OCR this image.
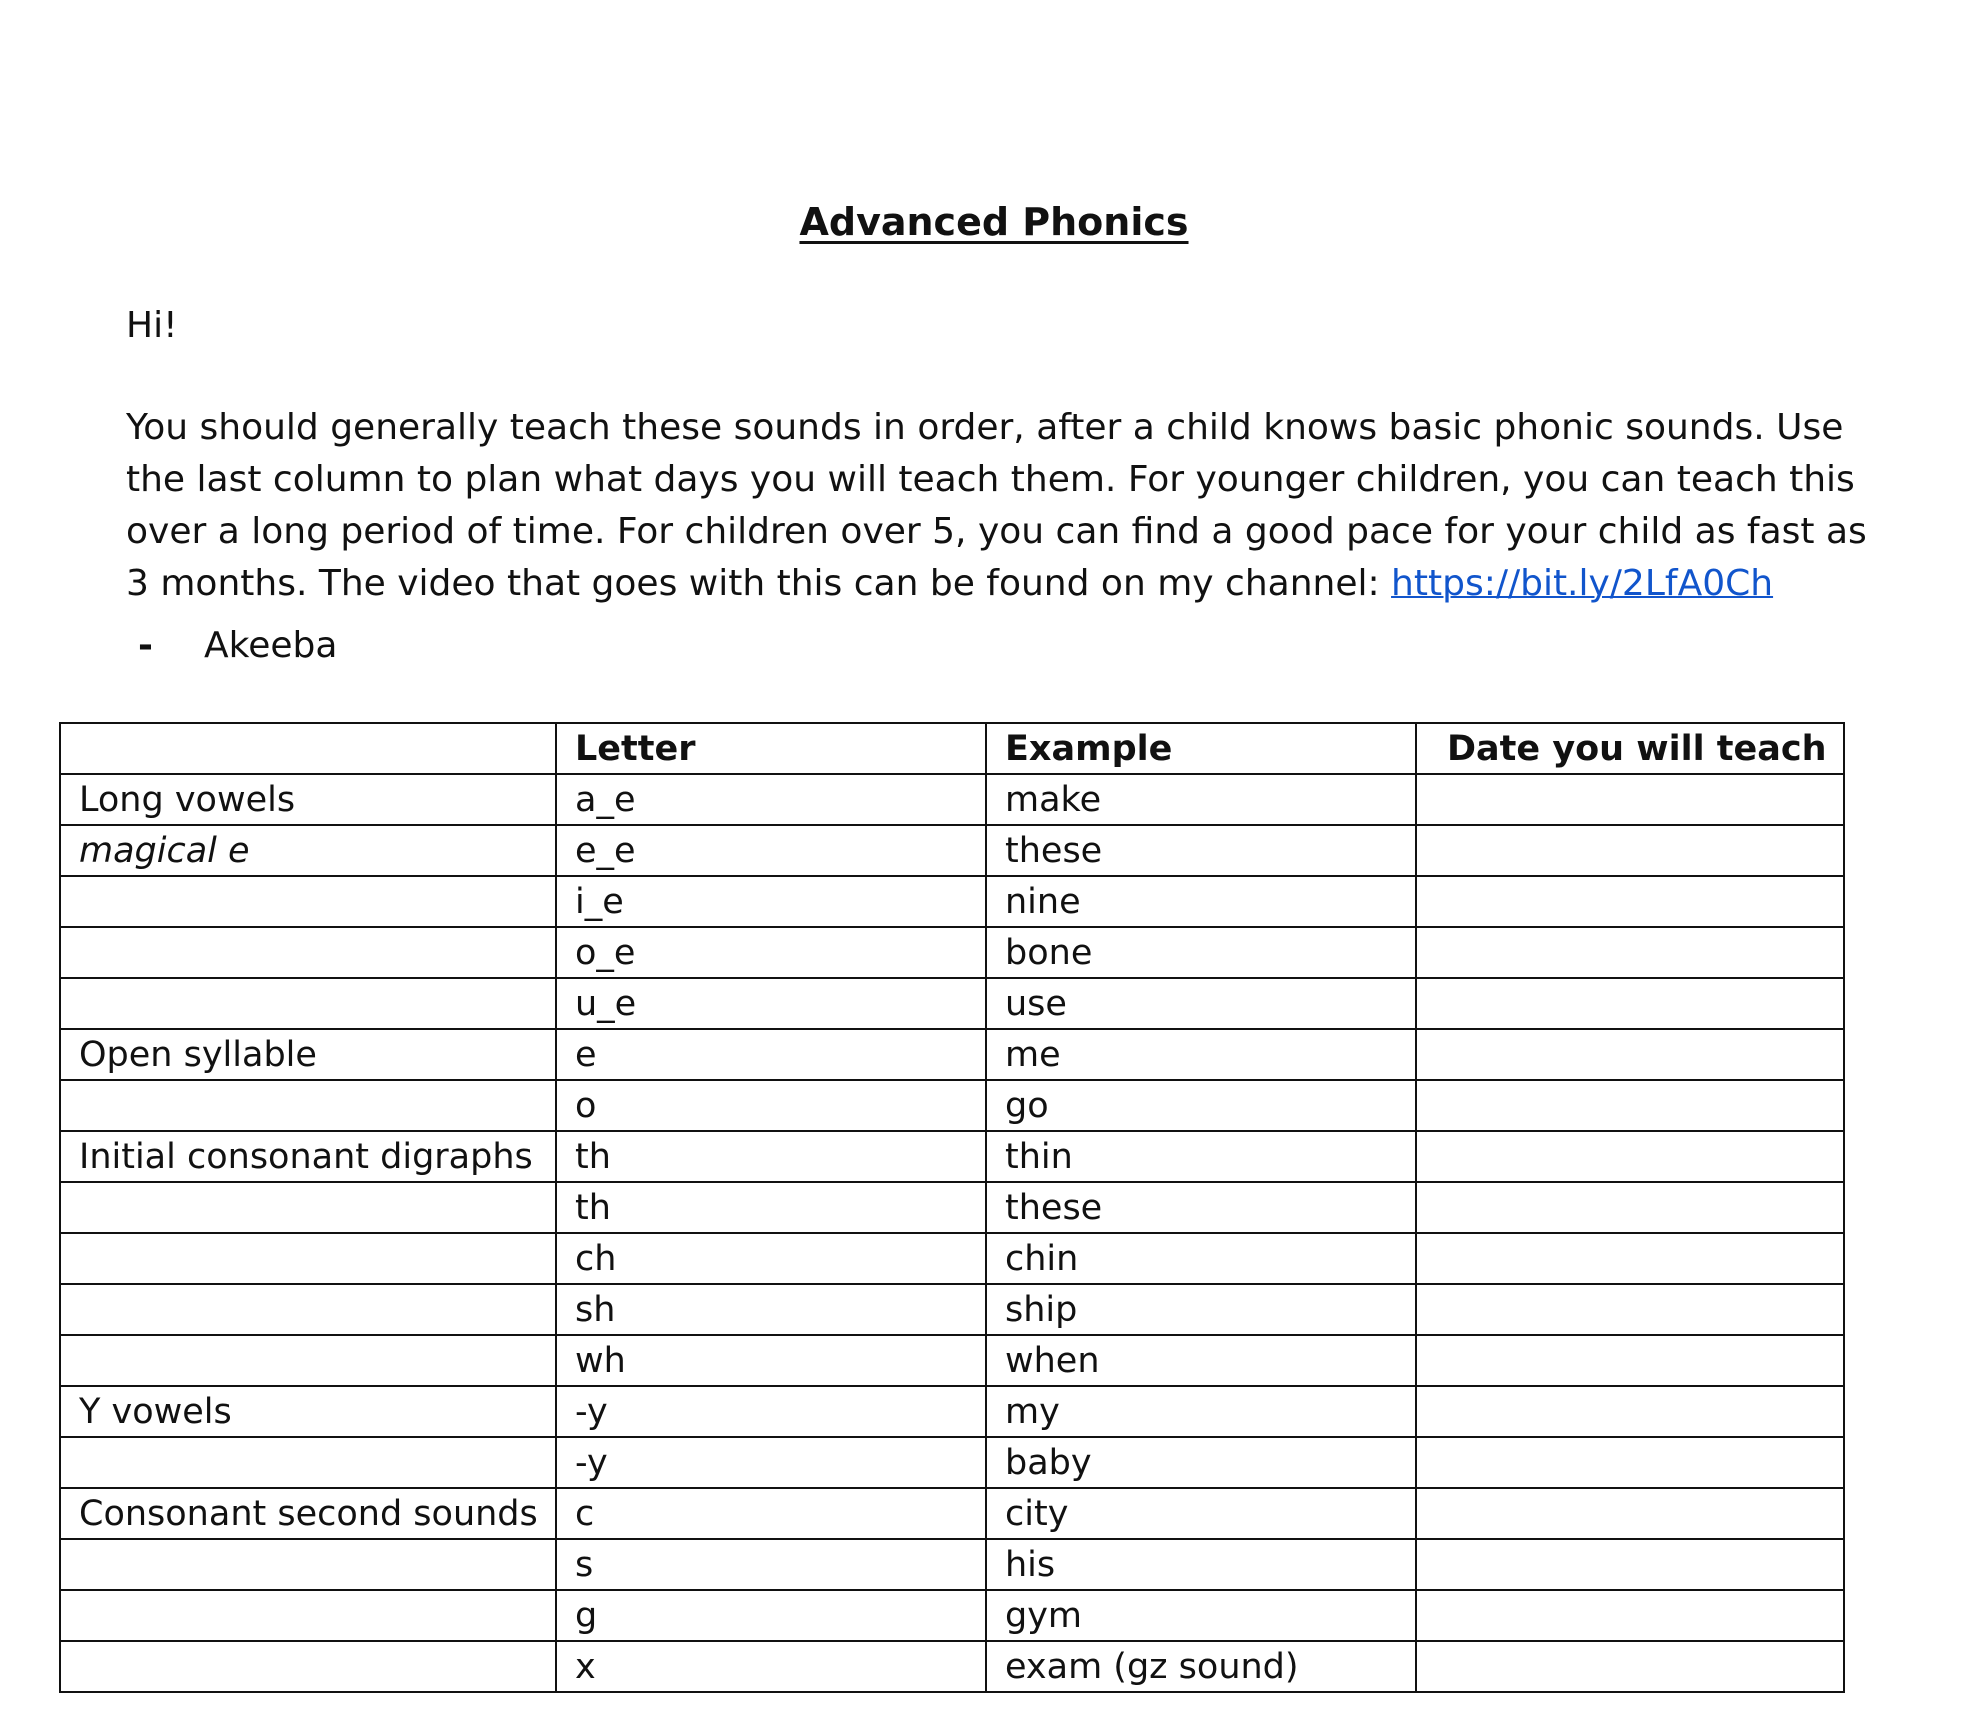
Advanced Phonics
Hi!
You should generally teach these sounds in order, after a child knows basic phonic sounds. Use the last column to plan what days you will teach them. For younger children, you can teach this over a long period of time. For children over 5, you can find a good pace for your child as fast as 3 months. The video that goes with this can be found on my channel: https://bit.ly/2LfA0Ch
- Akeeba
	Letter	Example	Date you will teach
Long vowels	a_e	make	
magical e	e_e	these	
	i_e	nine	
	o_e	bone	
	u_e	use	
Open syllable	e	me	
	o	go	
Initial consonant digraphs	th	thin	
	th	these	
	ch	chin	
	sh	ship	
	wh	when	
Y vowels	-y	my	
	-y	baby	
Consonant second sounds	c	city	
	s	his	
	g	gym	
	x	exam (gz sound)	
